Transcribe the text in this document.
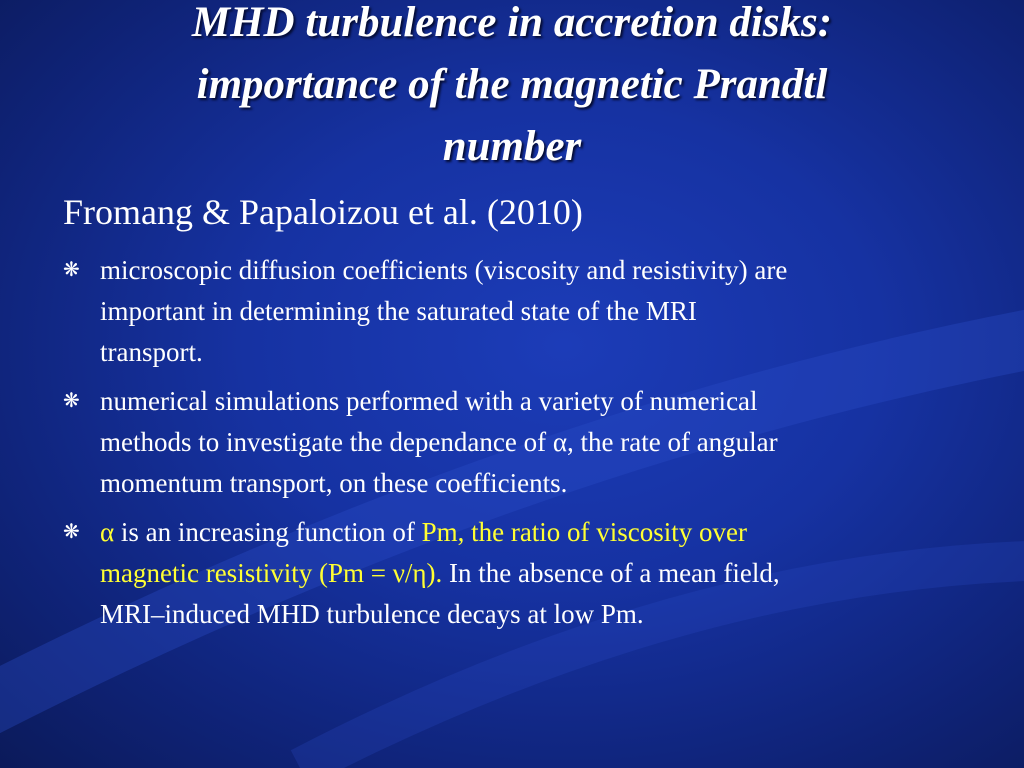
MHD turbulence in accretion disks:
importance of the magnetic Prandtl
number
Fromang & Papaloizou et al. (2010)
❋ microscopic diffusion coefficients (viscosity and resistivity) are
important in determining the saturated state of the MRI
transport.
❋ numerical simulations performed with a variety of numerical
methods to investigate the dependance of α, the rate of angular
momentum transport, on these coefficients.
❋ α is an increasing function of Pm, the ratio of viscosity over
magnetic resistivity (Pm = ν/η). In the absence of a mean field,
MRI–induced MHD turbulence decays at low Pm.
